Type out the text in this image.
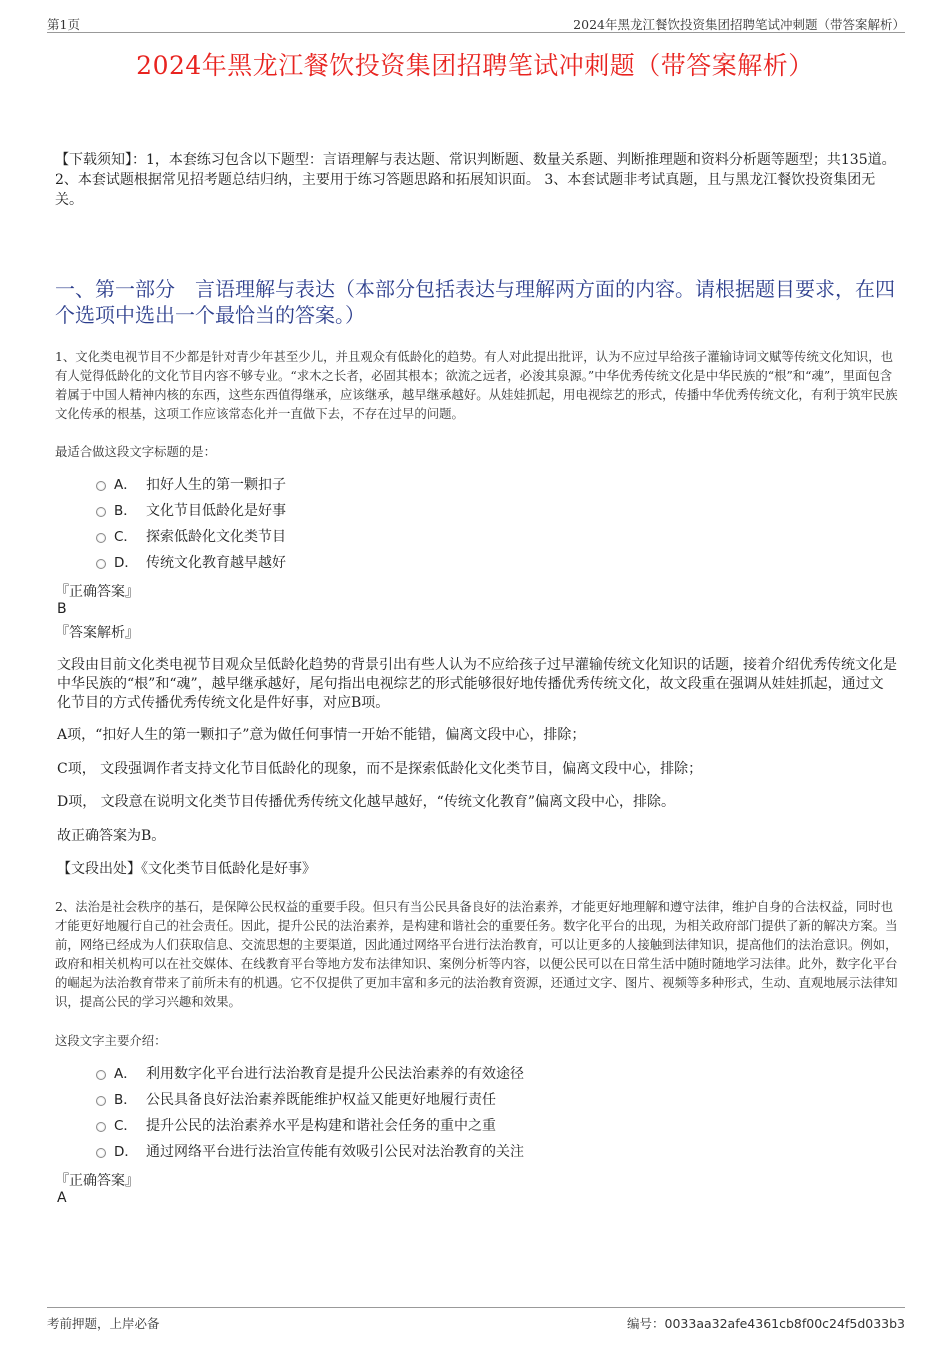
第1页	2024年黑龙江餐饮投资集团招聘笔试冲刺题（带答案解析）
2024年黑龙江餐饮投资集团招聘笔试冲刺题（带答案解析）
【下载须知】：1，本套练习包含以下题型：言语理解与表达题、常识判断题、数量关系题、判断推理题和资料分析题等题型；共135道。 2、本套试题根据常见招考题总结归纳，主要用于练习答题思路和拓展知识面。 3、本套试题非考试真题，且与黑龙江餐饮投资集团无关。
一、第一部分　言语理解与表达（本部分包括表达与理解两方面的内容。请根据题目要求，在四个选项中选出一个最恰当的答案。）
1、文化类电视节目不少都是针对青少年甚至少儿，并且观众有低龄化的趋势。有人对此提出批评，认为不应过早给孩子灌输诗词文赋等传统文化知识，也有人觉得低龄化的文化节目内容不够专业。“求木之长者，必固其根本；欲流之远者，必浚其泉源。”中华优秀传统文化是中华民族的“根”和“魂”，里面包含着属于中国人精神内核的东西，这些东西值得继承，应该继承，越早继承越好。从娃娃抓起，用电视综艺的形式，传播中华优秀传统文化，有利于筑牢民族文化传承的根基，这项工作应该常态化并一直做下去，不存在过早的问题。
最适合做这段文字标题的是：
A． 扣好人生的第一颗扣子
B． 文化节目低龄化是好事
C． 探索低龄化文化类节目
D． 传统文化教育越早越好
『正确答案』
B
『答案解析』
文段由目前文化类电视节目观众呈低龄化趋势的背景引出有些人认为不应给孩子过早灌输传统文化知识的话题，接着介绍优秀传统文化是中华民族的“根”和“魂”，越早继承越好，尾句指出电视综艺的形式能够很好地传播优秀传统文化，故文段重在强调从娃娃抓起，通过文化节目的方式传播优秀传统文化是件好事，对应B项。
A项，“扣好人生的第一颗扣子”意为做任何事情一开始不能错，偏离文段中心，排除；
C项， 文段强调作者支持文化节目低龄化的现象，而不是探索低龄化文化类节目，偏离文段中心，排除；
D项， 文段意在说明文化类节目传播优秀传统文化越早越好，“传统文化教育”偏离文段中心，排除。
故正确答案为B。
【文段出处】《文化类节目低龄化是好事》
2、法治是社会秩序的基石，是保障公民权益的重要手段。但只有当公民具备良好的法治素养，才能更好地理解和遵守法律，维护自身的合法权益，同时也才能更好地履行自己的社会责任。因此，提升公民的法治素养，是构建和谐社会的重要任务。数字化平台的出现，为相关政府部门提供了新的解决方案。当前，网络已经成为人们获取信息、交流思想的主要渠道，因此通过网络平台进行法治教育，可以让更多的人接触到法律知识，提高他们的法治意识。例如，政府和相关机构可以在社交媒体、在线教育平台等地方发布法律知识、案例分析等内容，以便公民可以在日常生活中随时随地学习法律。此外，数字化平台的崛起为法治教育带来了前所未有的机遇。它不仅提供了更加丰富和多元的法治教育资源，还通过文字、图片、视频等多种形式，生动、直观地展示法律知识，提高公民的学习兴趣和效果。
这段文字主要介绍：
A． 利用数字化平台进行法治教育是提升公民法治素养的有效途径
B． 公民具备良好法治素养既能维护权益又能更好地履行责任
C． 提升公民的法治素养水平是构建和谐社会任务的重中之重
D． 通过网络平台进行法治宣传能有效吸引公民对法治教育的关注
『正确答案』
A
考前押题，上岸必备	编号：0033aa32afe4361cb8f00c24f5d033b3
